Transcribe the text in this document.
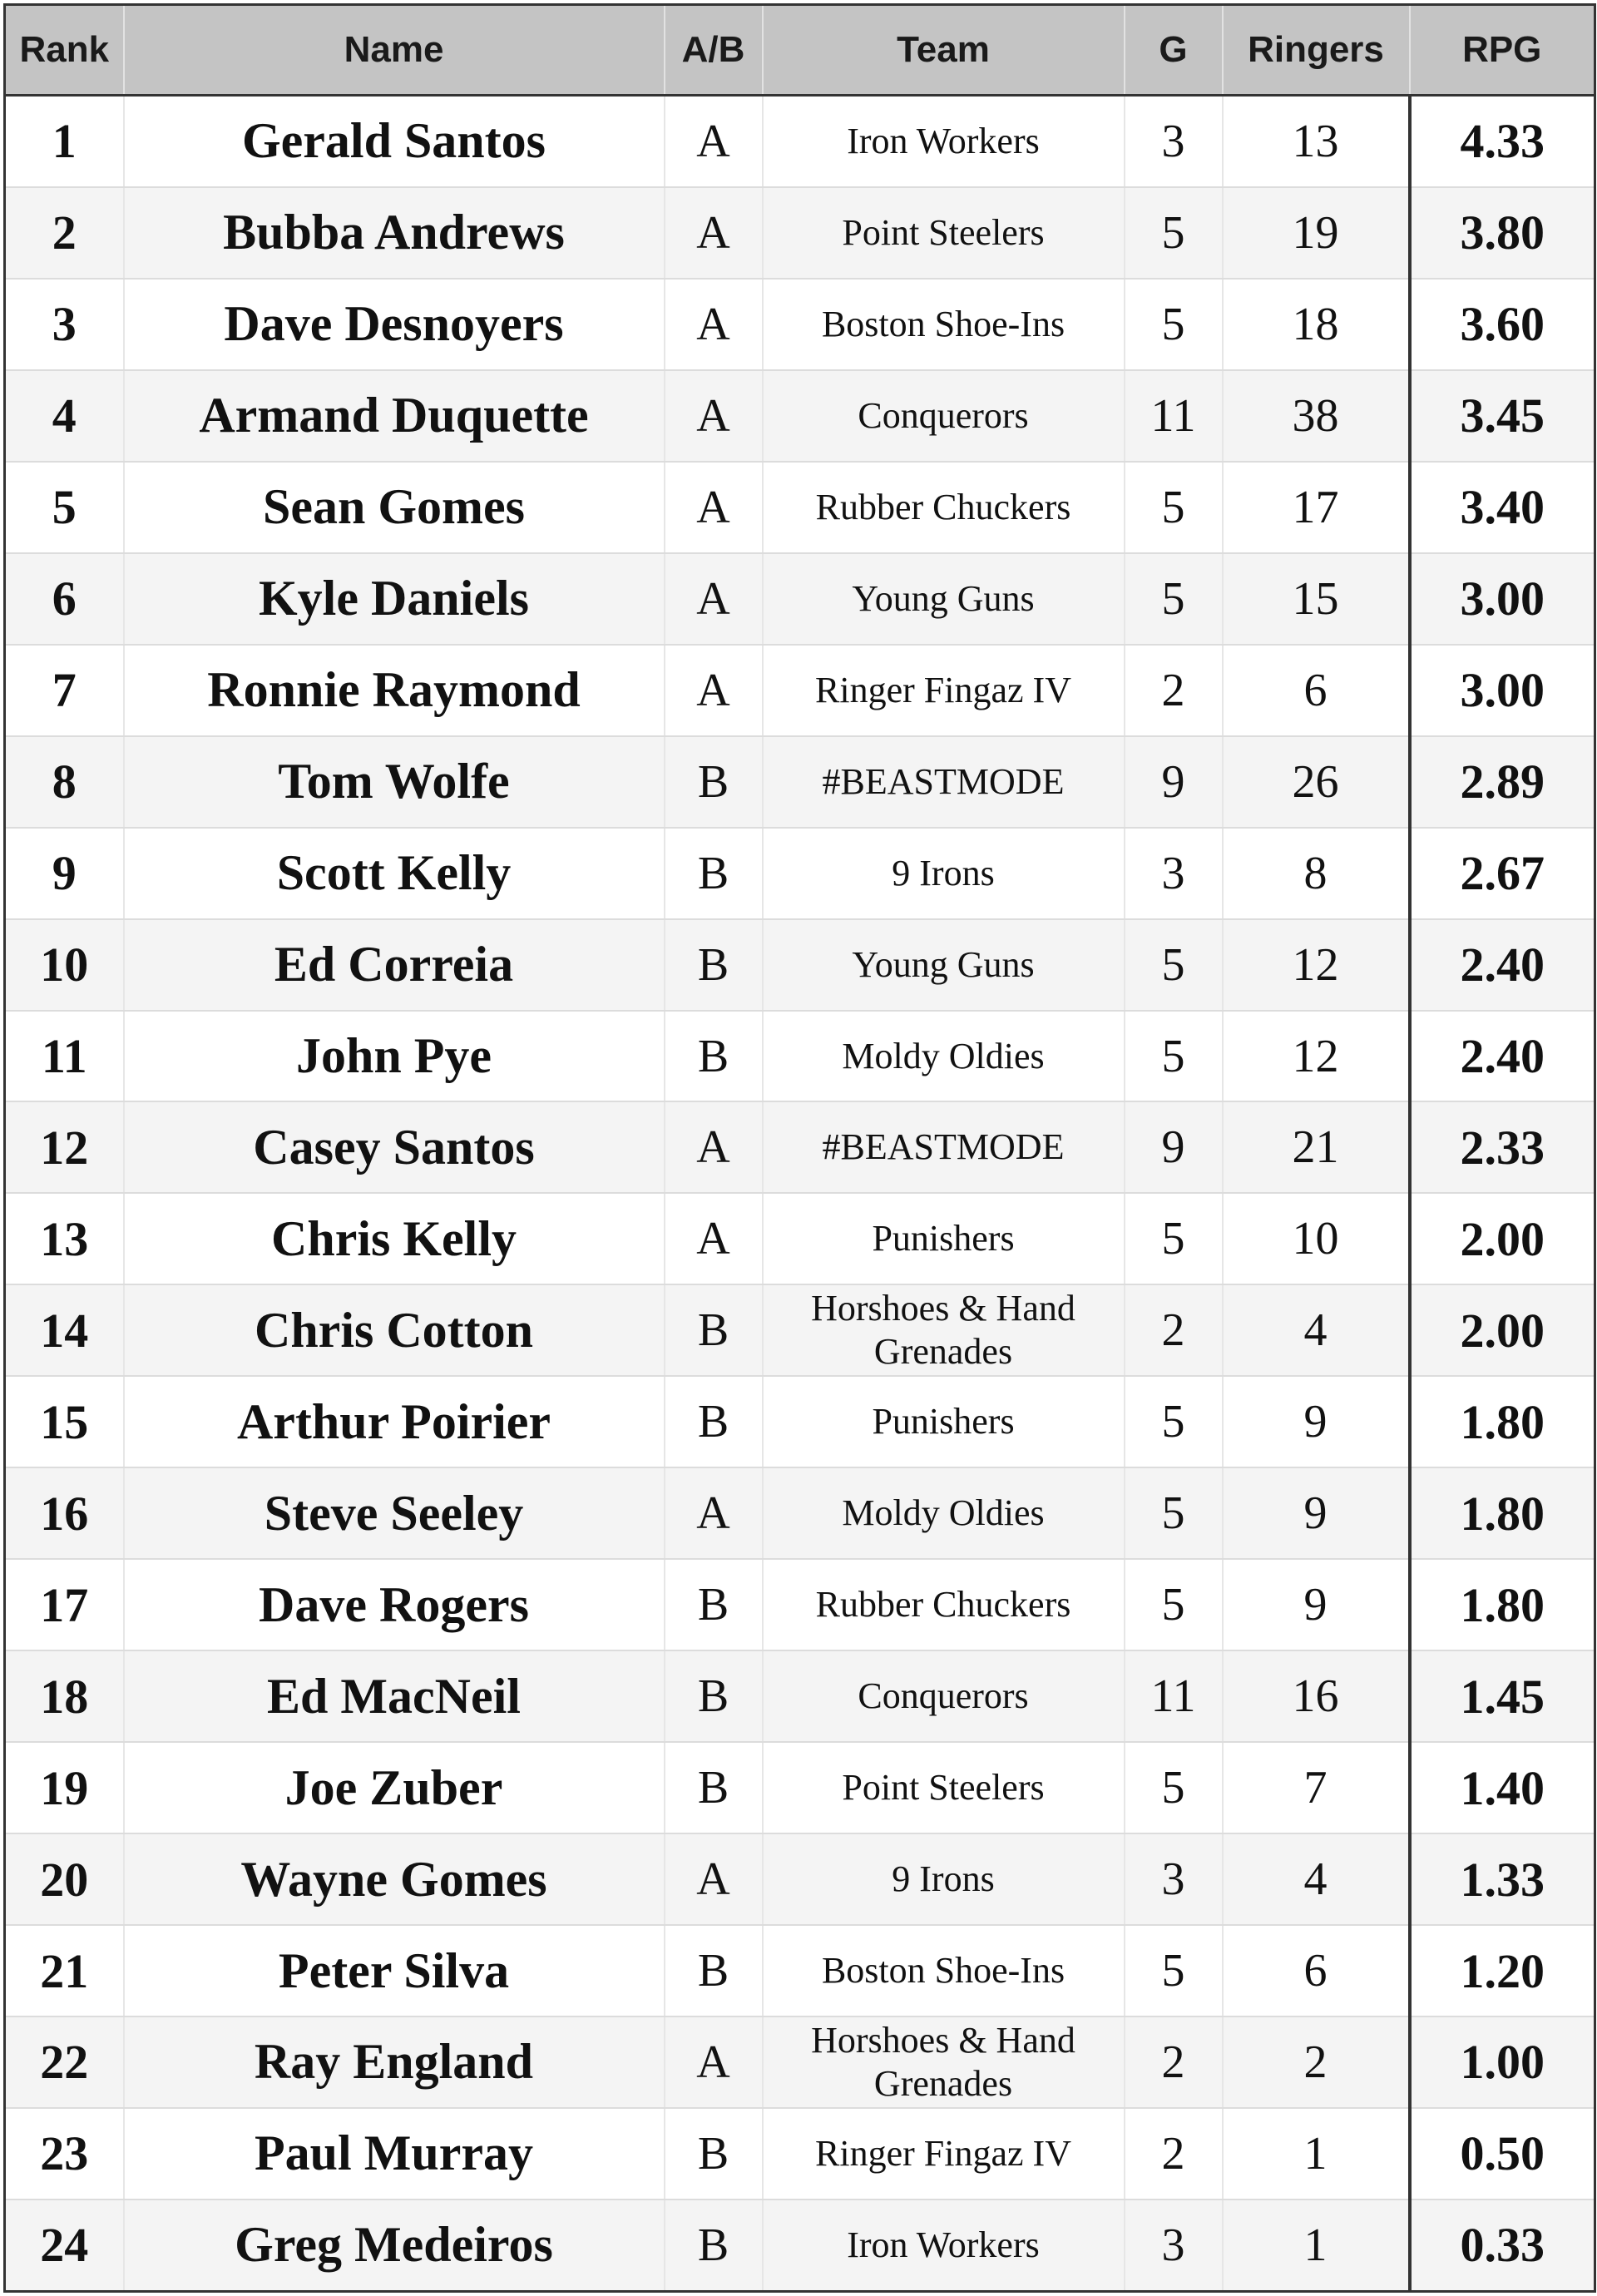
Rank	Name	A/B	Team	G	Ringers	RPG
1	Gerald Santos	A	Iron Workers	3	13	4.33
2	Bubba Andrews	A	Point Steelers	5	19	3.80
3	Dave Desnoyers	A	Boston Shoe-Ins	5	18	3.60
4	Armand Duquette	A	Conquerors	11	38	3.45
5	Sean Gomes	A	Rubber Chuckers	5	17	3.40
6	Kyle Daniels	A	Young Guns	5	15	3.00
7	Ronnie Raymond	A	Ringer Fingaz IV	2	6	3.00
8	Tom Wolfe	B	#BEASTMODE	9	26	2.89
9	Scott Kelly	B	9 Irons	3	8	2.67
10	Ed Correia	B	Young Guns	5	12	2.40
11	John Pye	B	Moldy Oldies	5	12	2.40
12	Casey Santos	A	#BEASTMODE	9	21	2.33
13	Chris Kelly	A	Punishers	5	10	2.00
14	Chris Cotton	B	Horshoes & Hand Grenades	2	4	2.00
15	Arthur Poirier	B	Punishers	5	9	1.80
16	Steve Seeley	A	Moldy Oldies	5	9	1.80
17	Dave Rogers	B	Rubber Chuckers	5	9	1.80
18	Ed MacNeil	B	Conquerors	11	16	1.45
19	Joe Zuber	B	Point Steelers	5	7	1.40
20	Wayne Gomes	A	9 Irons	3	4	1.33
21	Peter Silva	B	Boston Shoe-Ins	5	6	1.20
22	Ray England	A	Horshoes & Hand Grenades	2	2	1.00
23	Paul Murray	B	Ringer Fingaz IV	2	1	0.50
24	Greg Medeiros	B	Iron Workers	3	1	0.33
